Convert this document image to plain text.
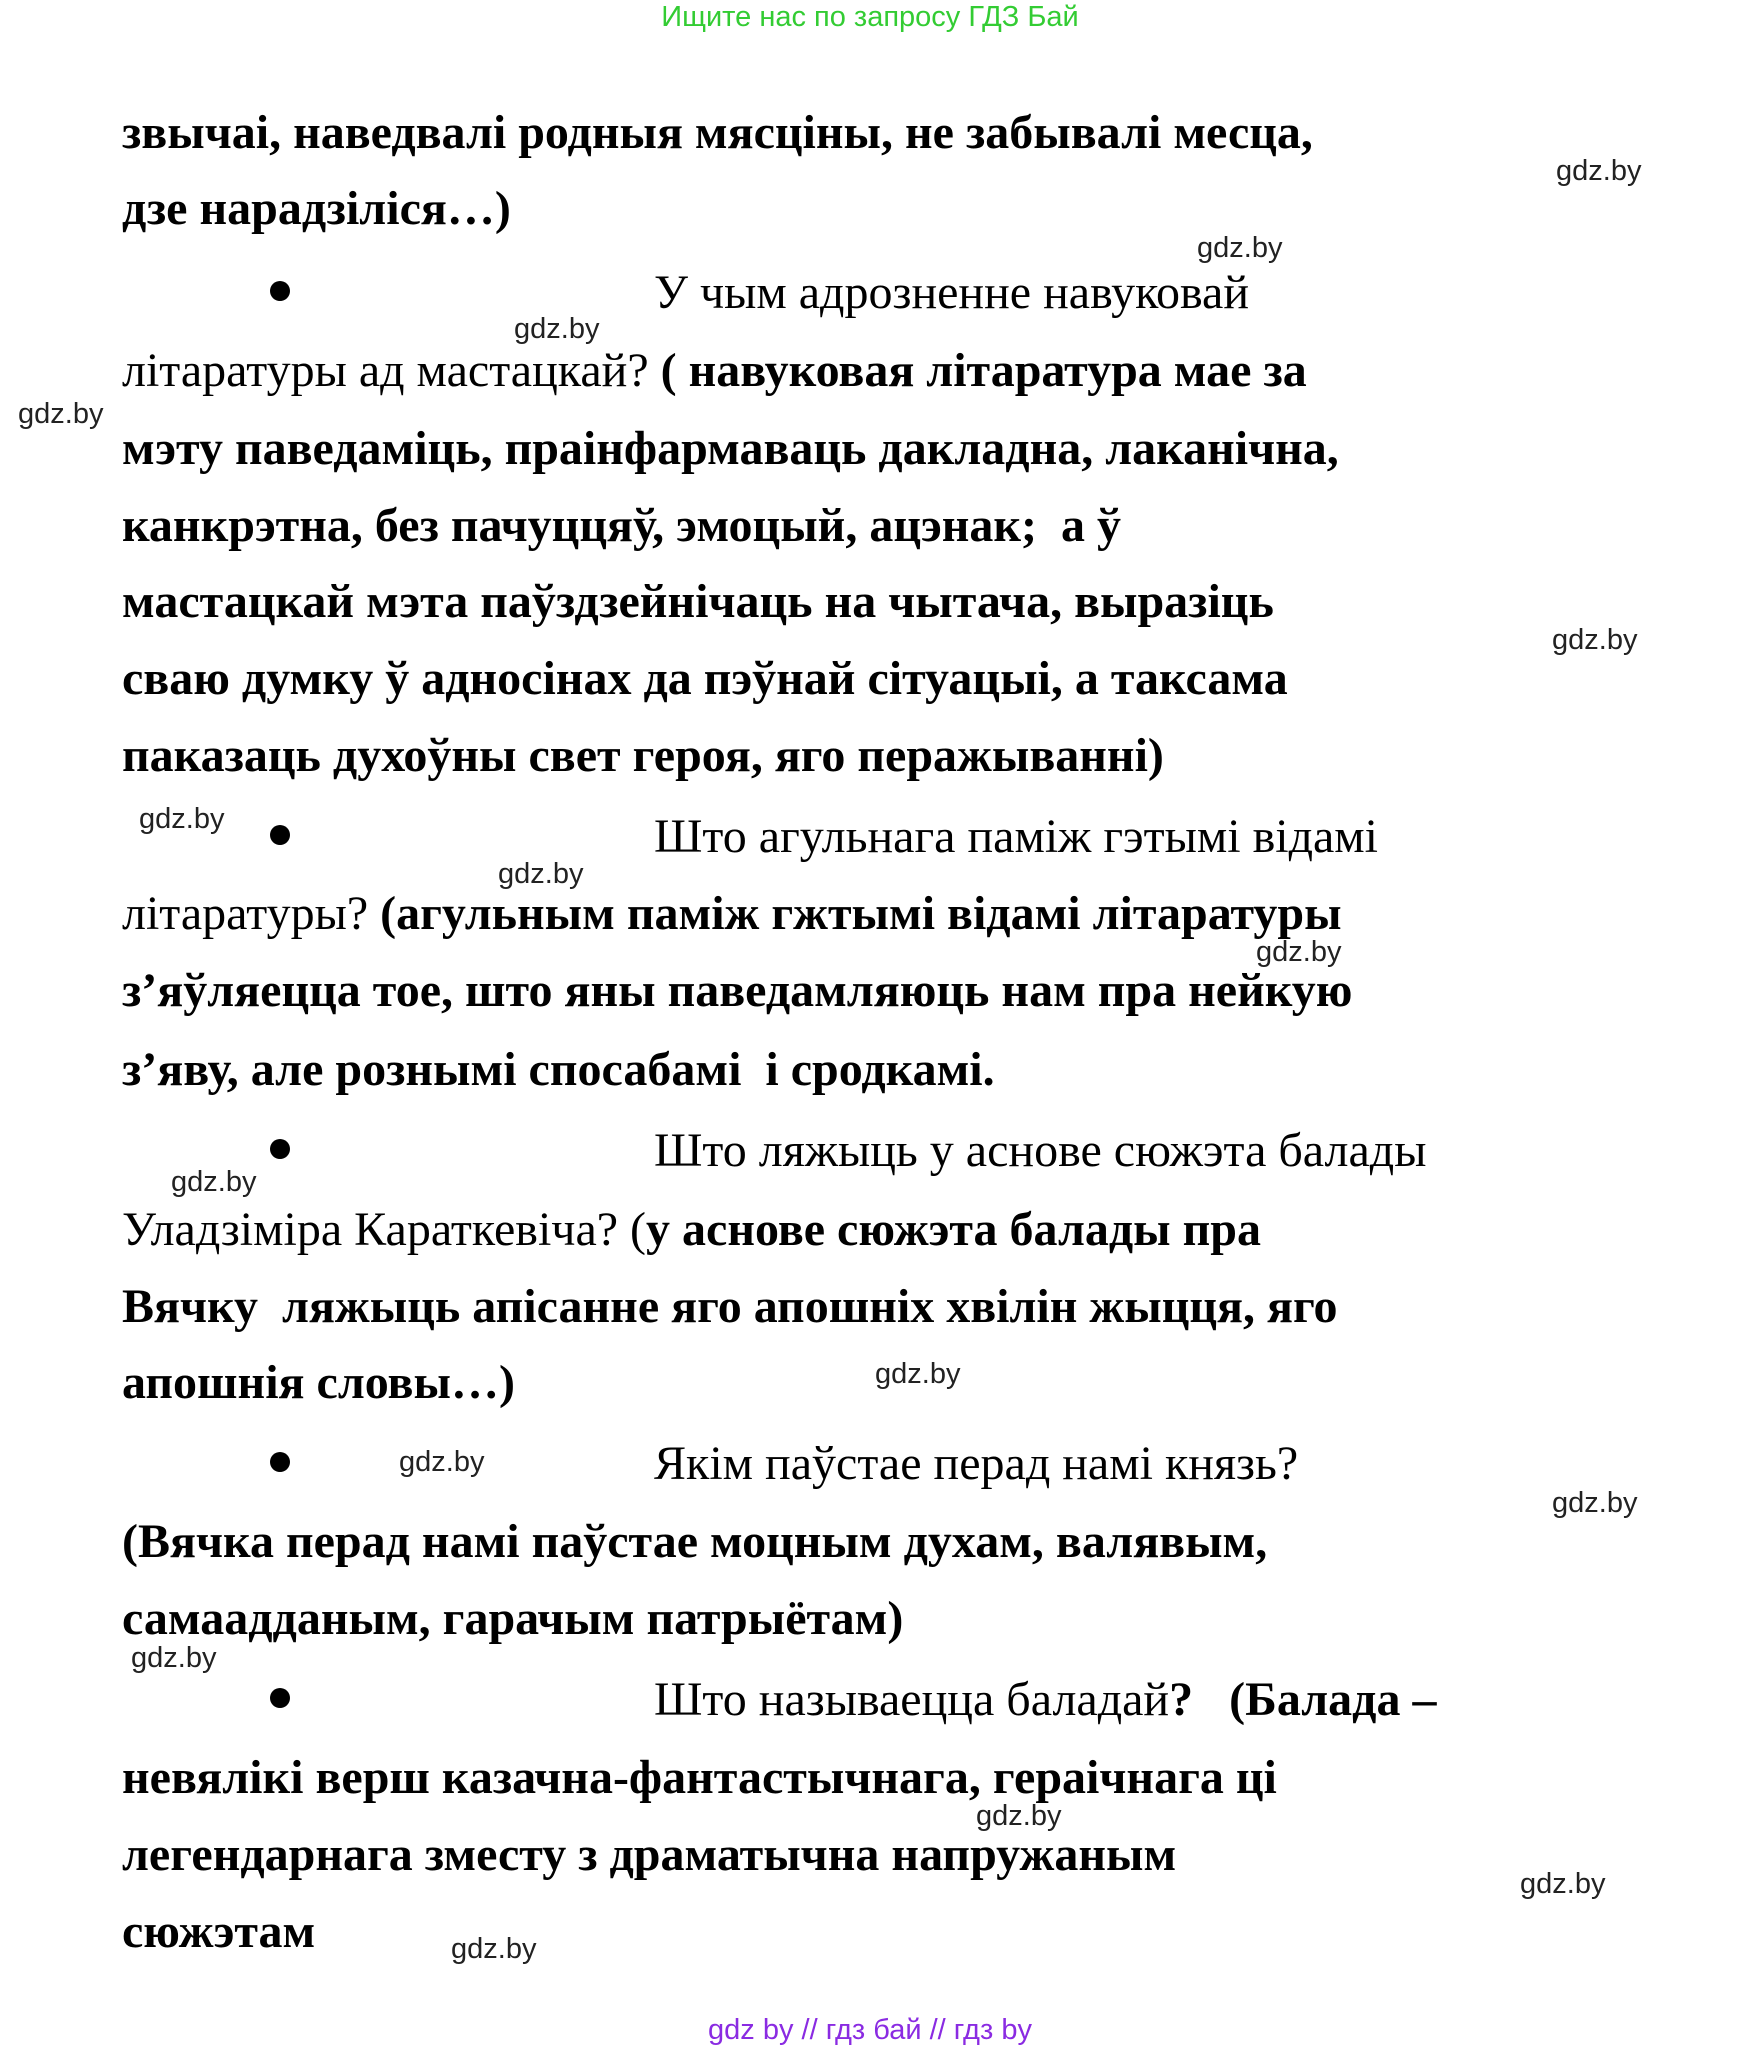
Ищите нас по запросу ГДЗ Бай
звычаі, наведвалі родныя мясціны, не забывалі месца,
дзе нарадзіліся…)
У чым адрозненне навуковай
літаратуры ад мастацкай? ( навуковая літаратура мае за
мэту паведаміць, праінфармаваць дакладна, лаканічна,
канкрэтна, без пачуццяў, эмоцый, ацэнак;  а ў
мастацкай мэта паўздзейнічаць на чытача, выразіць
сваю думку ў адносінах да пэўнай сітуацыі, а таксама
паказаць духоўны свет героя, яго перажыванні)
Што агульнага паміж гэтымі відамі
літаратуры? (агульным паміж гжтымі відамі літаратуры
з’яўляецца тое, што яны паведамляюць нам пра нейкую
з’яву, але рознымі спосабамі  і сродкамі.
Што ляжыць у аснове сюжэта балады
Уладзіміра Караткевіча? (у аснове сюжэта балады пра
Вячку  ляжыць апісанне яго апошніх хвілін жыцця, яго
апошнія словы…)
Якім паўстае перад намі князь?
(Вячка перад намі паўстае моцным духам, валявым,
самаадданым, гарачым патрыётам)
Што называецца баладай?   (Балада –
невялікі верш казачна-фантастычнага, гераічнага ці
легендарнага зместу з драматычна напружаным
сюжэтам
gdz.by
gdz.by
gdz.by
gdz.by
gdz.by
gdz.by
gdz.by
gdz.by
gdz.by
gdz.by
gdz.by
gdz.by
gdz.by
gdz.by
gdz.by
gdz.by
gdz by // гдз бай // гдз by
